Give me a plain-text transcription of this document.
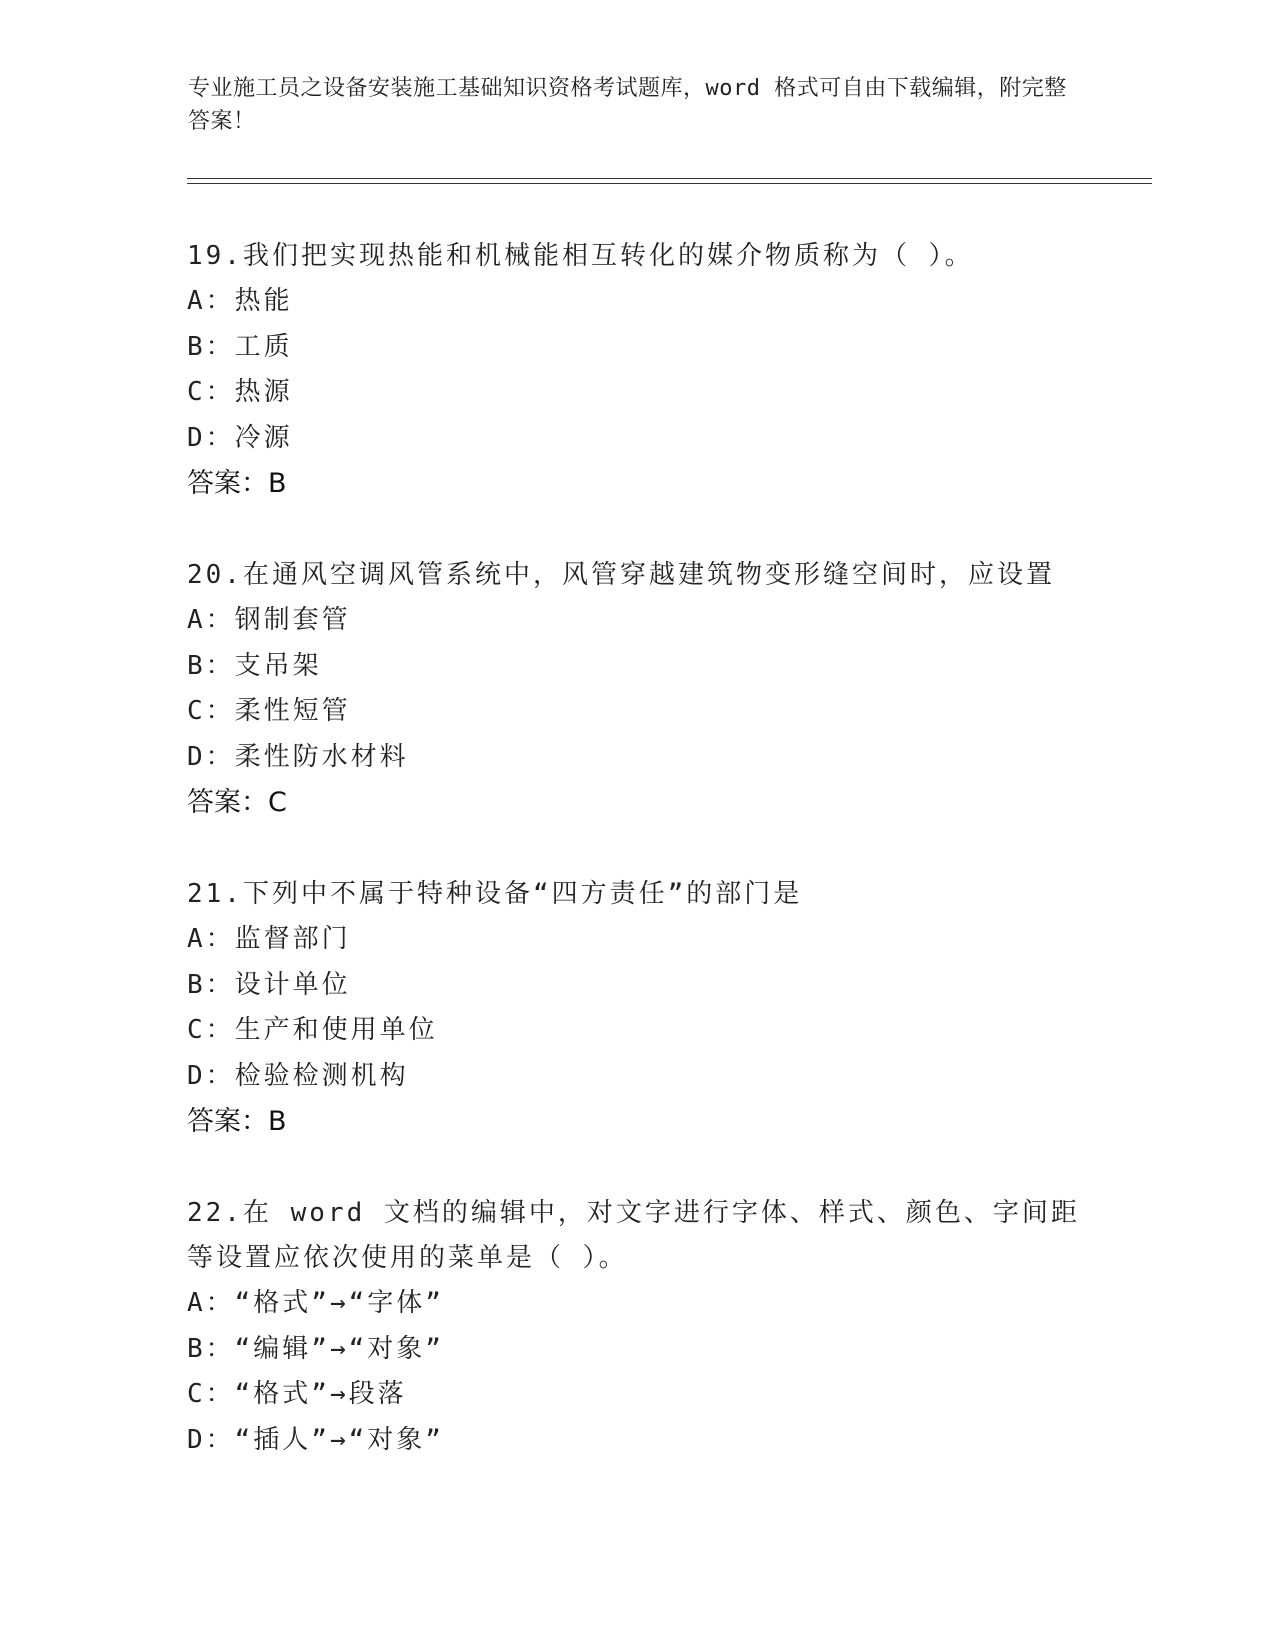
专业施工员之设备安装施工基础知识资格考试题库，word 格式可自由下载编辑，附完整答案！

19.我们把实现热能和机械能相互转化的媒介物质称为（ ）。

A：热能

B：工质

C：热源

D：冷源

答案：B

20.在通风空调风管系统中，风管穿越建筑物变形缝空间时，应设置

A：钢制套管

B：支吊架

C：柔性短管

D：柔性防水材料

答案：C

21.下列中不属于特种设备“四方责任”的部门是

A：监督部门

B：设计单位

C：生产和使用单位

D：检验检测机构

答案：B

22.在 word 文档的编辑中，对文字进行字体、样式、颜色、字间距等设置应依次使用的菜单是（ ）。

A：“格式”→“字体”

B：“编辑”→“对象”

C：“格式”→段落

D：“插人”→“对象”
